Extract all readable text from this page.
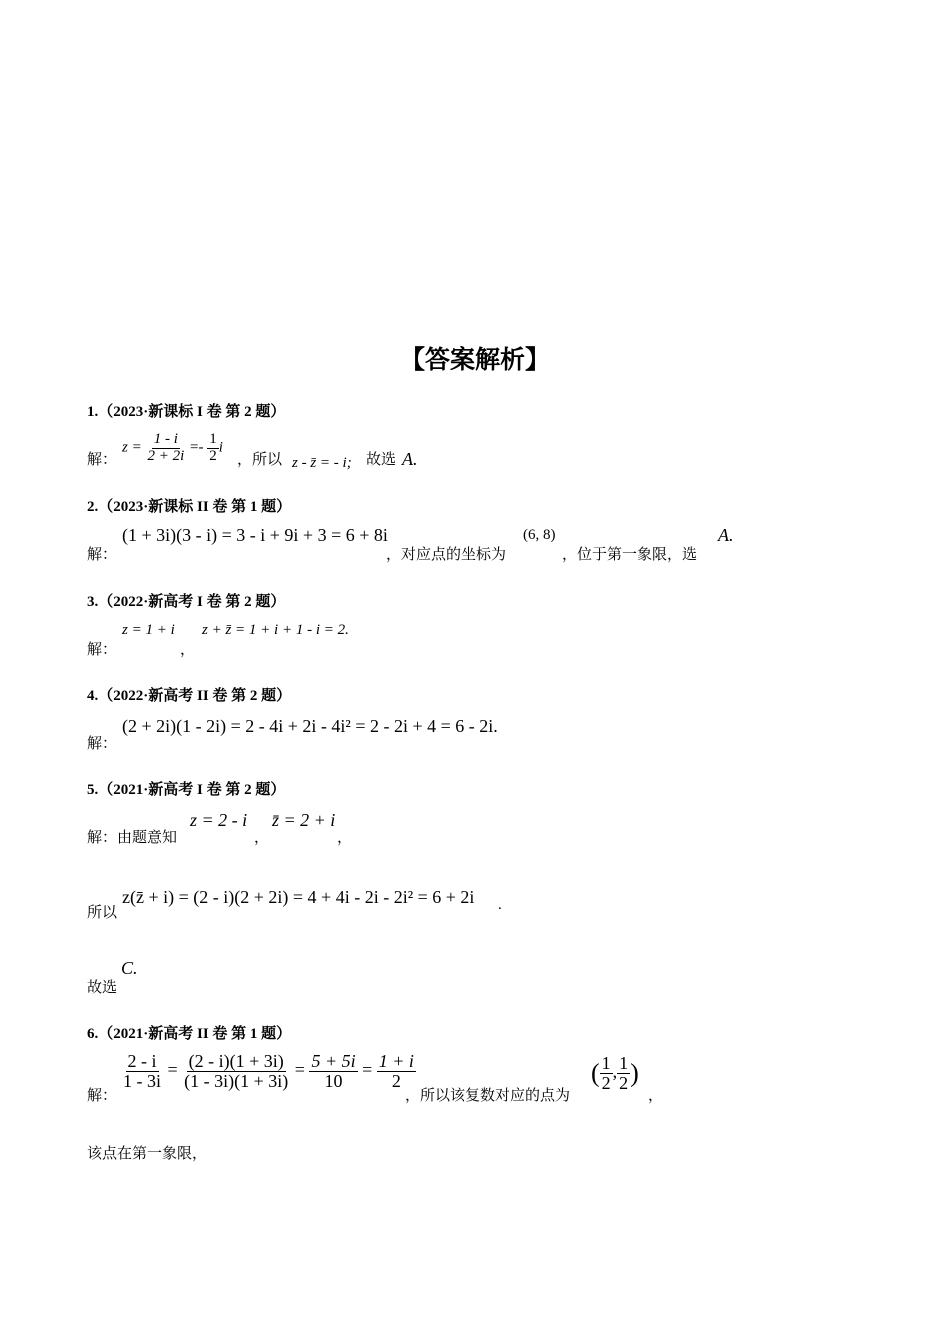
【答案解析】
1.（2023·新课标 I 卷 第 2 题）
解：
$z = \frac{1 - i}{2 + 2i} =- \frac{1}{2}$ i
，所以 z - z̄ = - i; 故选 A.
2.（2023·新课标 II 卷 第 1 题）
解：
(1 + 3i)(3 - i) = 3 - i + 9i + 3 = 6 + 8i
，对应点的坐标为
(6, 8)
，位于第一象限，选
A.
3.（2022·新高考 I 卷 第 2 题）
解：
z = 1 + i
，
z + z̄ = 1 + i + 1 - i = 2.
4.（2022·新高考 II 卷 第 2 题）
解：
(2 + 2i)(1 - 2i) = 2 - 4i + 2i - 4i² = 2 - 2i + 4 = 6 - 2i.
5.（2021·新高考 I 卷 第 2 题）
解：由题意知
z = 2 - i
，
z̄ = 2 + i
，
所以
z(z̄ + i) = (2 - i)(2 + 2i) = 4 + 4i - 2i - 2i² = 6 + 2i .
故选
C.
6.（2021·新高考 II 卷 第 1 题）
解：
$\frac{2 - i}{1 - 3i} = \frac{(2 - i)(1 + 3i)}{(1 - 3i)(1 + 3i)} = \frac{5 + 5i}{10} = \frac{1 + i}{2}$
，所以该复数对应的点为
( $\frac{1}{2}$ , $\frac{1}{2}$ )
，
该点在第一象限，
